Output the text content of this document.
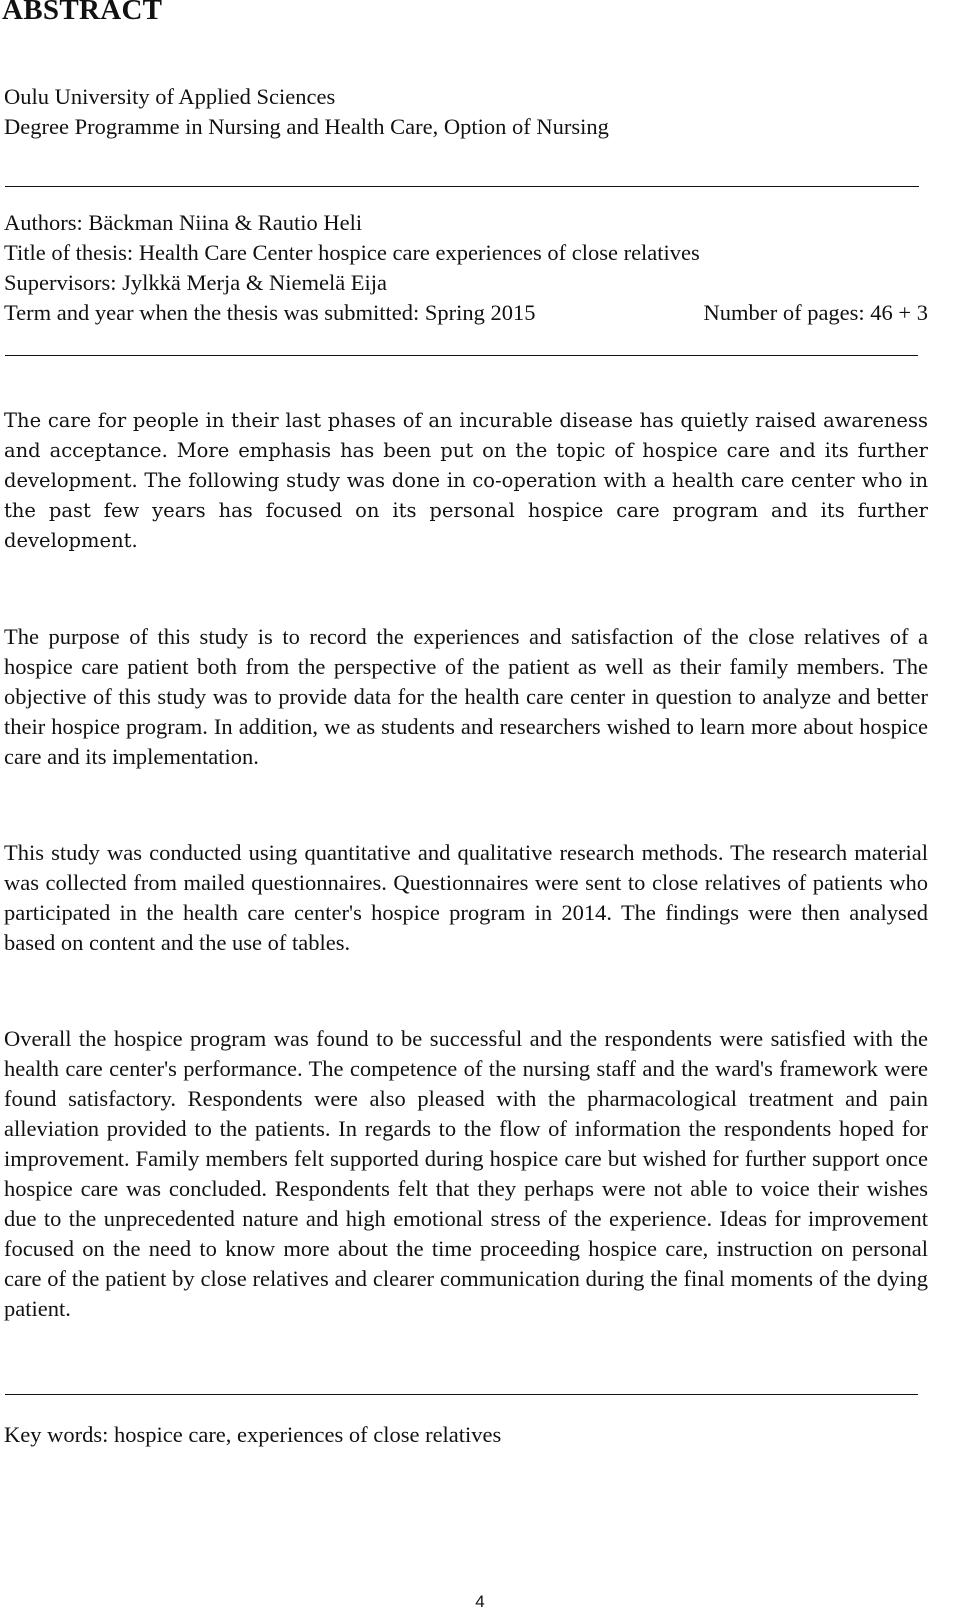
ABSTRACT
Oulu University of Applied Sciences
Degree Programme in Nursing and Health Care, Option of Nursing
Authors: Bäckman Niina & Rautio Heli
Title of thesis: Health Care Center hospice care experiences of close relatives
Supervisors: Jylkkä Merja & Niemelä Eija
Term and year when the thesis was submitted: Spring 2015	Number of pages: 46 + 3

The care for people in their last phases of an incurable disease has quietly raised awareness and acceptance. More emphasis has been put on the topic of hospice care and its further development. The following study was done in co-operation with a health care center who in the past few years has focused on its personal hospice care program and its further development.

The purpose of this study is to record the experiences and satisfaction of the close relatives of a hospice care patient both from the perspective of the patient as well as their family members. The objective of this study was to provide data for the health care center in question to analyze and better their hospice program. In addition, we as students and researchers wished to learn more about hospice care and its implementation.

This study was conducted using quantitative and qualitative research methods. The research material was collected from mailed questionnaires. Questionnaires were sent to close relatives of patients who participated in the health care center's hospice program in 2014. The findings were then analysed based on content and the use of tables.

Overall the hospice program was found to be successful and the respondents were satisfied with the health care center's performance. The competence of the nursing staff and the ward's framework were found satisfactory. Respondents were also pleased with the pharmacological treatment and pain alleviation provided to the patients. In regards to the flow of information the respondents hoped for improvement. Family members felt supported during hospice care but wished for further support once hospice care was concluded. Respondents felt that they perhaps were not able to voice their wishes due to the unprecedented nature and high emotional stress of the experience. Ideas for improvement focused on the need to know more about the time proceeding hospice care, instruction on personal care of the patient by close relatives and clearer communication during the final moments of the dying patient.

Key words: hospice care, experiences of close relatives
4
